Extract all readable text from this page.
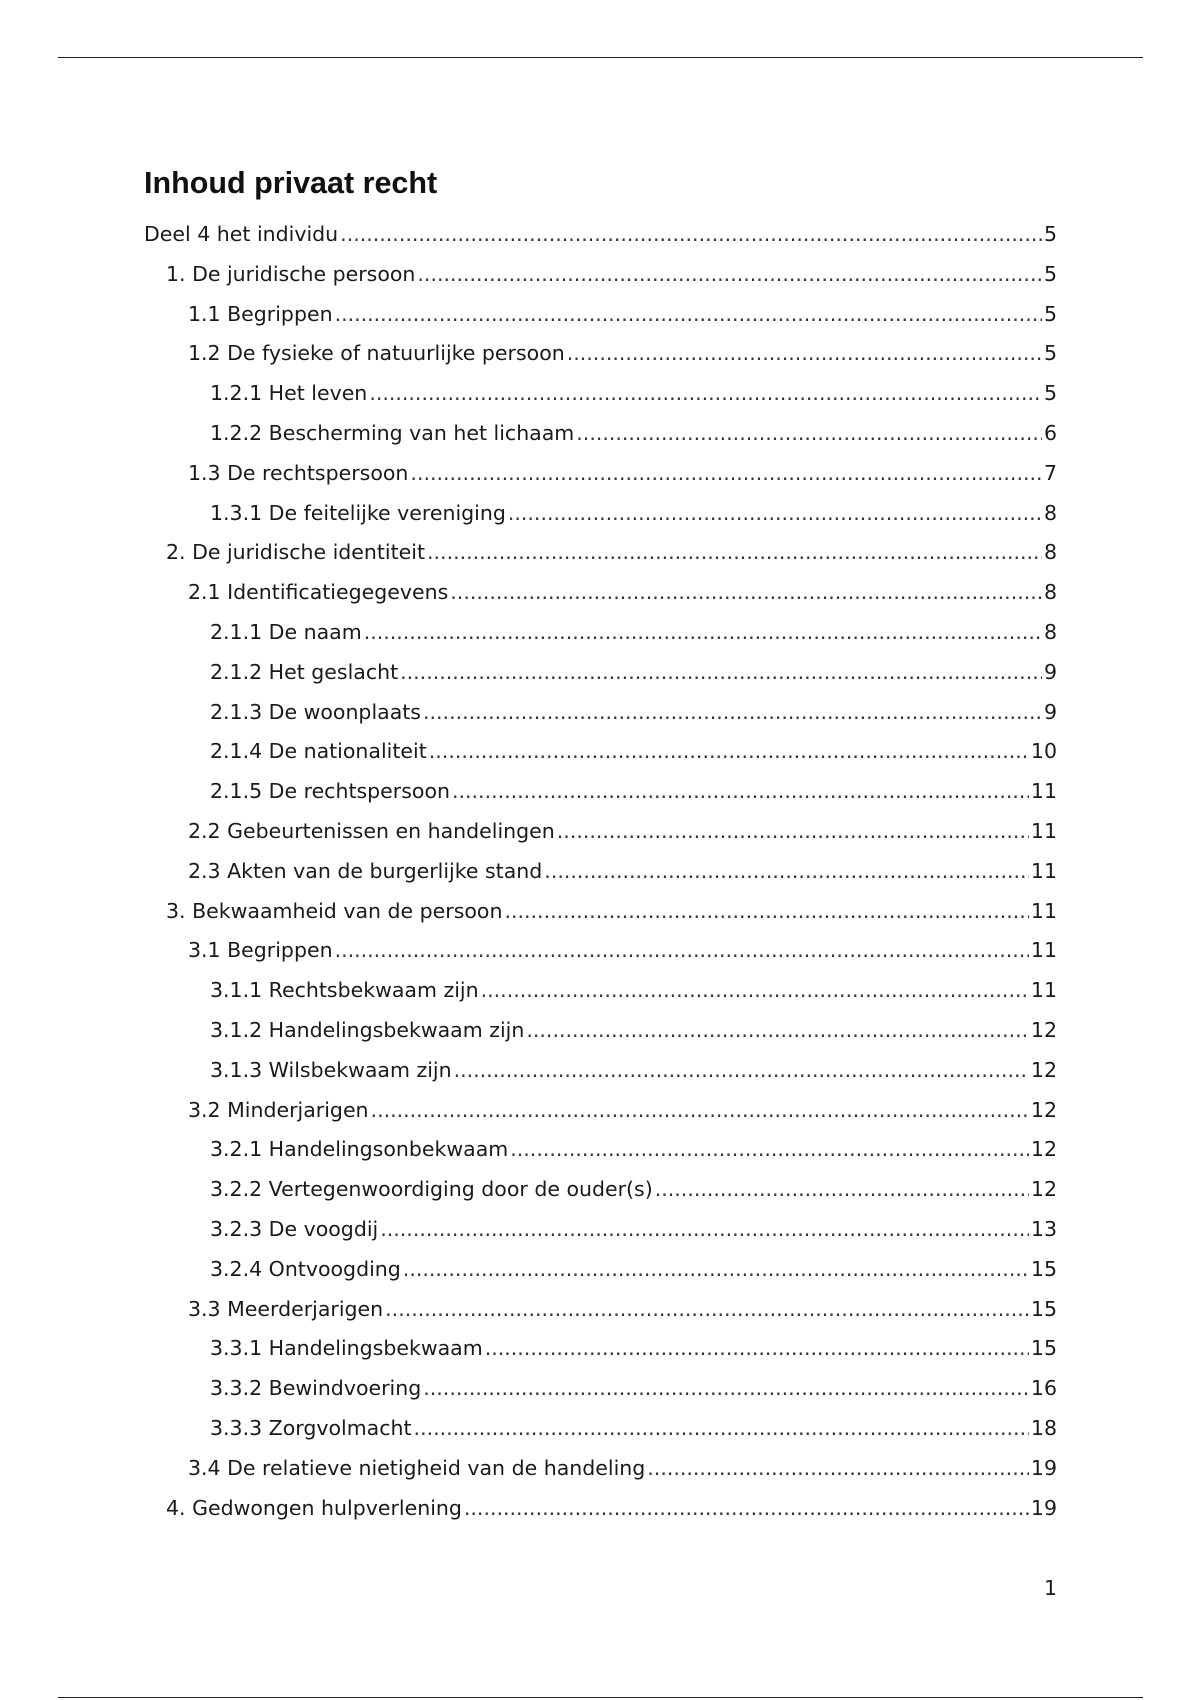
Inhoud privaat recht
Deel 4 het individu .....	5
1. De juridische persoon .....	5
1.1 Begrippen .....	5
1.2 De fysieke of natuurlijke persoon .....	5
1.2.1 Het leven .....	5
1.2.2 Bescherming van het lichaam .....	6
1.3 De rechtspersoon .....	7
1.3.1 De feitelijke vereniging .....	8
2. De juridische identiteit .....	8
2.1 Identificatiegegevens .....	8
2.1.1 De naam .....	8
2.1.2 Het geslacht .....	9
2.1.3 De woonplaats .....	9
2.1.4 De nationaliteit .....	10
2.1.5 De rechtspersoon .....	11
2.2 Gebeurtenissen en handelingen .....	11
2.3 Akten van de burgerlijke stand .....	11
3. Bekwaamheid van de persoon .....	11
3.1 Begrippen .....	11
3.1.1 Rechtsbekwaam zijn .....	11
3.1.2 Handelingsbekwaam zijn .....	12
3.1.3 Wilsbekwaam zijn .....	12
3.2 Minderjarigen .....	12
3.2.1 Handelingsonbekwaam .....	12
3.2.2 Vertegenwoordiging door de ouder(s) .....	12
3.2.3 De voogdij .....	13
3.2.4 Ontvoogding .....	15
3.3 Meerderjarigen .....	15
3.3.1 Handelingsbekwaam .....	15
3.3.2 Bewindvoering .....	16
3.3.3 Zorgvolmacht .....	18
3.4 De relatieve nietigheid van de handeling .....	19
4. Gedwongen hulpverlening .....	19
1
